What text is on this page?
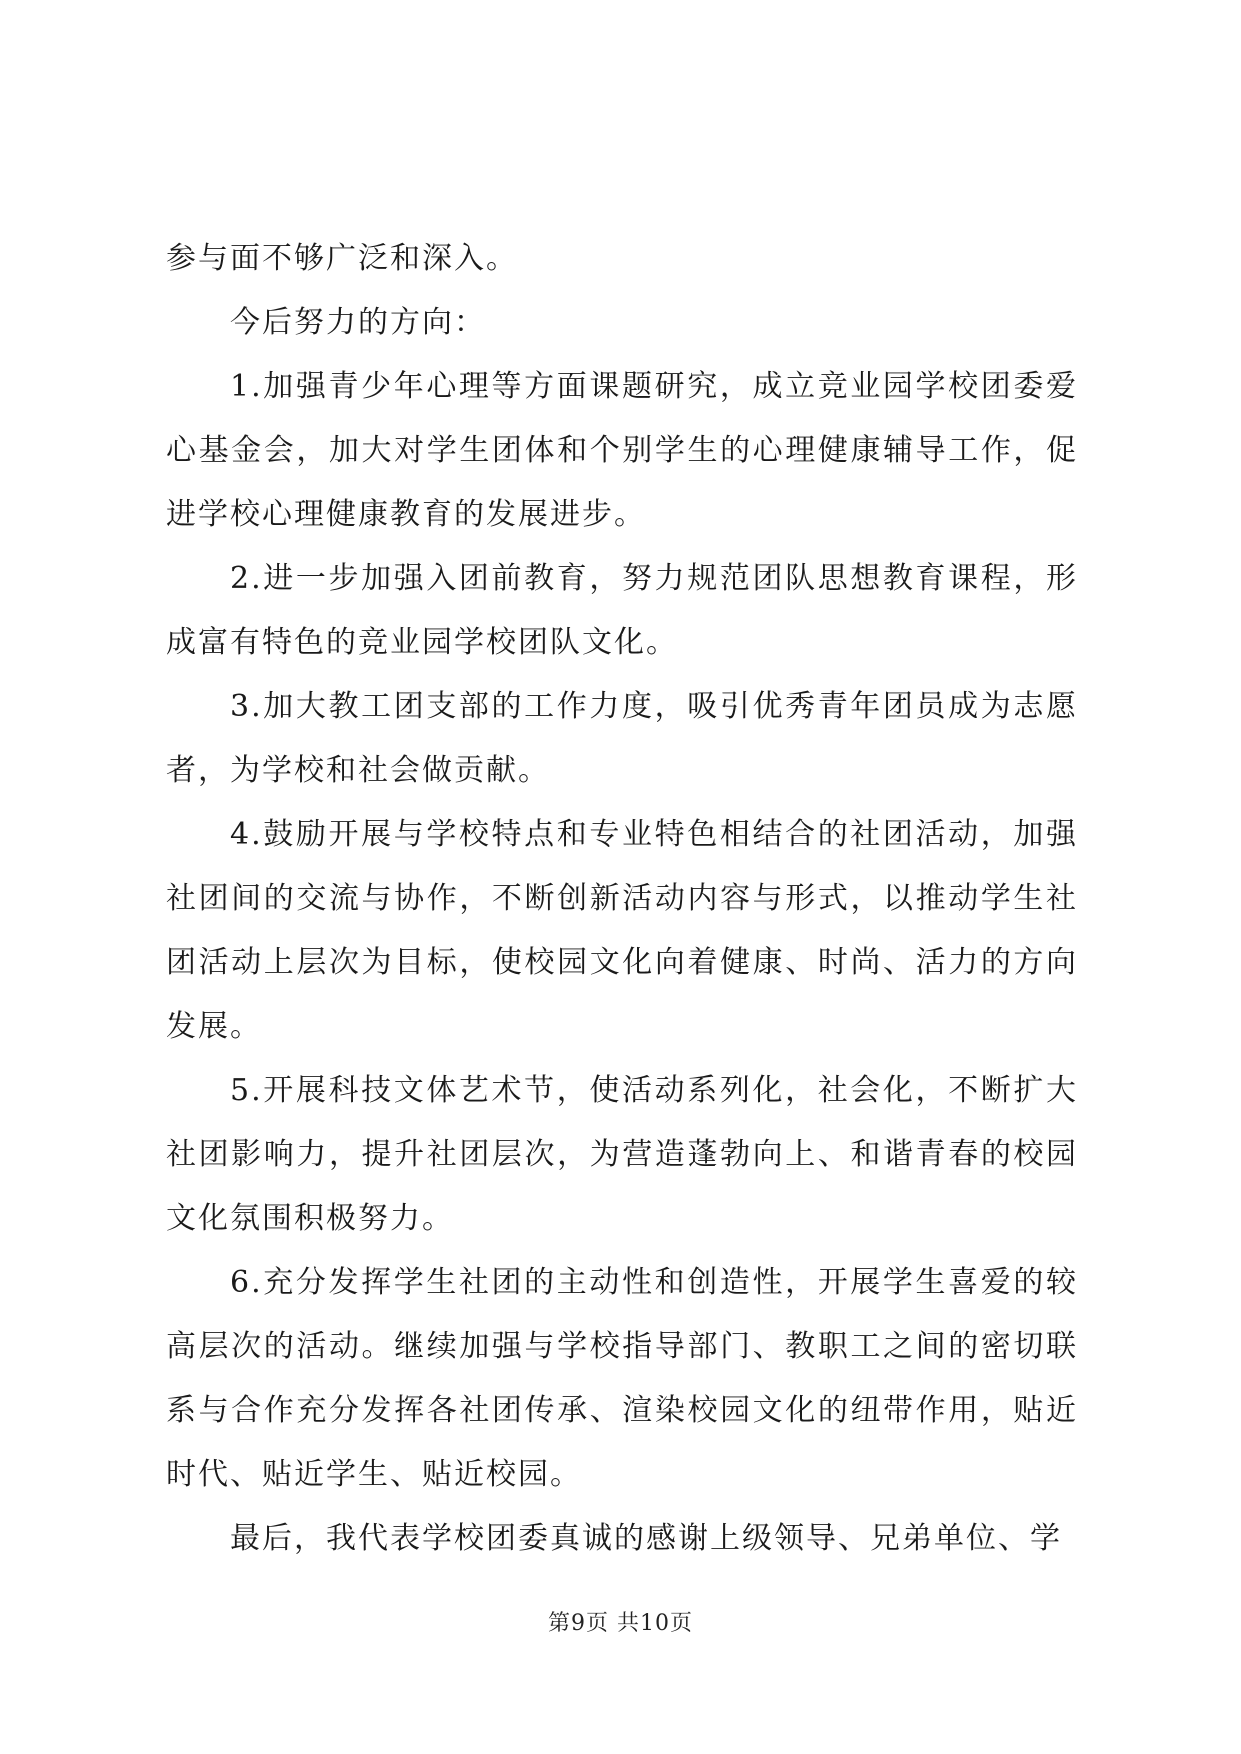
参与面不够广泛和深入。

今后努力的方向：

1.加强青少年心理等方面课题研究，成立竞业园学校团委爱心基金会，加大对学生团体和个别学生的心理健康辅导工作，促进学校心理健康教育的发展进步。

2.进一步加强入团前教育，努力规范团队思想教育课程，形成富有特色的竞业园学校团队文化。

3.加大教工团支部的工作力度，吸引优秀青年团员成为志愿者，为学校和社会做贡献。

4.鼓励开展与学校特点和专业特色相结合的社团活动，加强社团间的交流与协作，不断创新活动内容与形式，以推动学生社团活动上层次为目标，使校园文化向着健康、时尚、活力的方向发展。

5.开展科技文体艺术节，使活动系列化，社会化，不断扩大社团影响力，提升社团层次，为营造蓬勃向上、和谐青春的校园文化氛围积极努力。

6.充分发挥学生社团的主动性和创造性，开展学生喜爱的较高层次的活动。继续加强与学校指导部门、教职工之间的密切联系与合作充分发挥各社团传承、渲染校园文化的纽带作用，贴近时代、贴近学生、贴近校园。

最后，我代表学校团委真诚的感谢上级领导、兄弟单位、学

第9页 共10页
